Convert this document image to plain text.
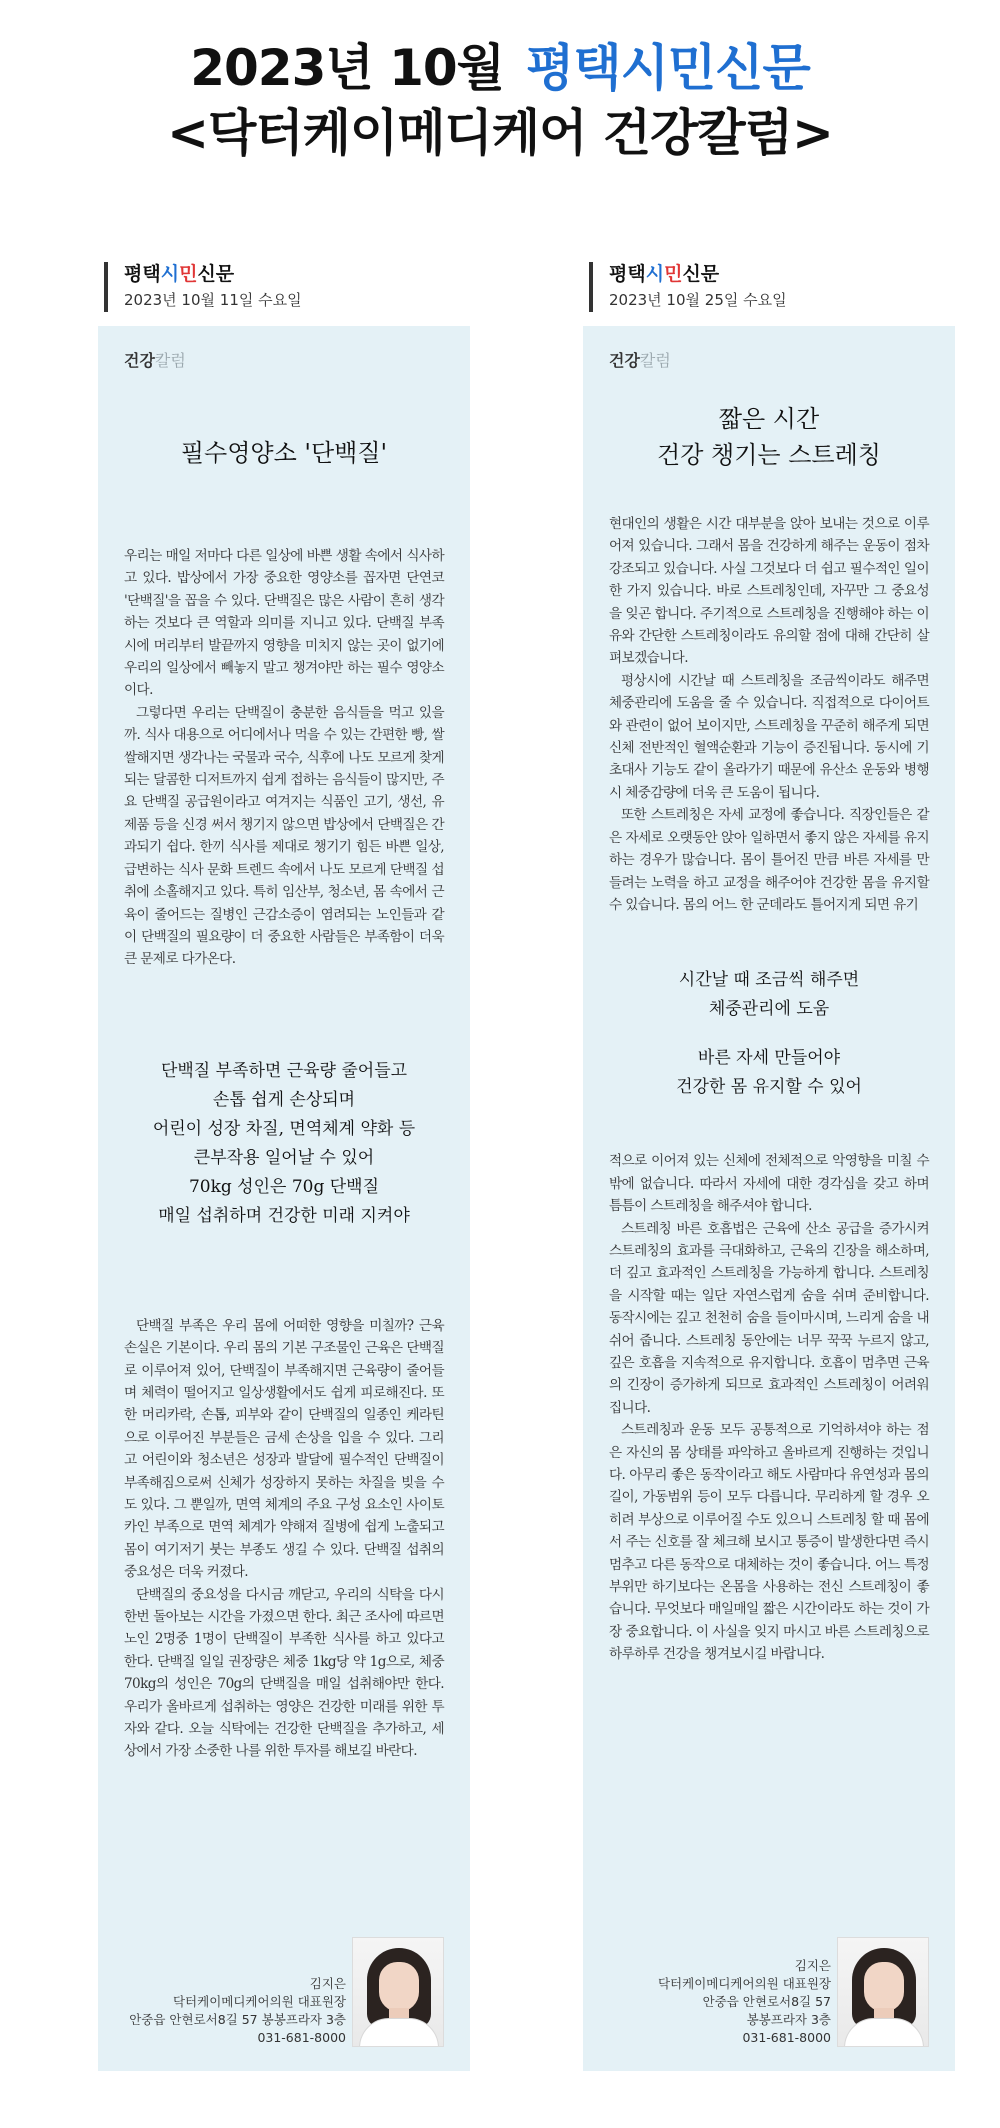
2023년 10월 평택시민신문
<닥터케이메디케어 건강칼럼>
평택시민신문
2023년 10월 11일 수요일
건강칼럼
필수영양소 '단백질'

우리는 매일 저마다 다른 일상에 바쁜 생활 속에서 식사하고 있다. 밥상에서 가장 중요한 영양소를 꼽자면 단연코 '단백질'을 꼽을 수 있다. 단백질은 많은 사람이 흔히 생각하는 것보다 큰 역할과 의미를 지니고 있다. 단백질 부족 시에 머리부터 발끝까지 영향을 미치지 않는 곳이 없기에 우리의 일상에서 빼놓지 말고 챙겨야만 하는 필수 영양소이다.

그렇다면 우리는 단백질이 충분한 음식들을 먹고 있을까. 식사 대용으로 어디에서나 먹을 수 있는 간편한 빵, 쌀쌀해지면 생각나는 국물과 국수, 식후에 나도 모르게 찾게 되는 달콤한 디저트까지 쉽게 접하는 음식들이 많지만, 주요 단백질 공급원이라고 여겨지는 식품인 고기, 생선, 유제품 등을 신경 써서 챙기지 않으면 밥상에서 단백질은 간과되기 쉽다. 한끼 식사를 제대로 챙기기 힘든 바쁜 일상, 급변하는 식사 문화 트렌드 속에서 나도 모르게 단백질 섭취에 소홀해지고 있다. 특히 임산부, 청소년, 몸 속에서 근육이 줄어드는 질병인 근감소증이 염려되는 노인들과 같이 단백질의 필요량이 더 중요한 사람들은 부족함이 더욱 큰 문제로 다가온다.

단백질 부족하면 근육량 줄어들고
손톱 쉽게 손상되며
어린이 성장 차질, 면역체계 약화 등
큰부작용 일어날 수 있어
70kg 성인은 70g 단백질
매일 섭취하며 건강한 미래 지켜야

단백질 부족은 우리 몸에 어떠한 영향을 미칠까? 근육 손실은 기본이다. 우리 몸의 기본 구조물인 근육은 단백질로 이루어져 있어, 단백질이 부족해지면 근육량이 줄어들며 체력이 떨어지고 일상생활에서도 쉽게 피로해진다. 또한 머리카락, 손톱, 피부와 같이 단백질의 일종인 케라틴으로 이루어진 부분들은 금세 손상을 입을 수 있다. 그리고 어린이와 청소년은 성장과 발달에 필수적인 단백질이 부족해짐으로써 신체가 성장하지 못하는 차질을 빚을 수도 있다. 그 뿐일까, 면역 체계의 주요 구성 요소인 사이토카인 부족으로 면역 체계가 약해져 질병에 쉽게 노출되고 몸이 여기저기 붓는 부종도 생길 수 있다. 단백질 섭취의 중요성은 더욱 커졌다.

단백질의 중요성을 다시금 깨닫고, 우리의 식탁을 다시 한번 돌아보는 시간을 가졌으면 한다. 최근 조사에 따르면 노인 2명중 1명이 단백질이 부족한 식사를 하고 있다고 한다. 단백질 일일 권장량은 체중 1kg당 약 1g으로, 체중 70kg의 성인은 70g의 단백질을 매일 섭취해야만 한다. 우리가 올바르게 섭취하는 영양은 건강한 미래를 위한 투자와 같다. 오늘 식탁에는 건강한 단백질을 추가하고, 세상에서 가장 소중한 나를 위한 투자를 해보길 바란다.

김지은
닥터케이메디케어의원 대표원장
안중읍 안현로서8길 57 봉봉프라자 3층
031-681-8000
평택시민신문
2023년 10월 25일 수요일
건강칼럼
짧은 시간
건강 챙기는 스트레칭

현대인의 생활은 시간 대부분을 앉아 보내는 것으로 이루어져 있습니다. 그래서 몸을 건강하게 해주는 운동이 점차 강조되고 있습니다. 사실 그것보다 더 쉽고 필수적인 일이 한 가지 있습니다. 바로 스트레칭인데, 자꾸만 그 중요성을 잊곤 합니다. 주기적으로 스트레칭을 진행해야 하는 이유와 간단한 스트레칭이라도 유의할 점에 대해 간단히 살펴보겠습니다.

평상시에 시간날 때 스트레칭을 조금씩이라도 해주면 체중관리에 도움을 줄 수 있습니다. 직접적으로 다이어트와 관련이 없어 보이지만, 스트레칭을 꾸준히 해주게 되면 신체 전반적인 혈액순환과 기능이 증진됩니다. 동시에 기초대사 기능도 같이 올라가기 때문에 유산소 운동와 병행 시 체중감량에 더욱 큰 도움이 됩니다.

또한 스트레칭은 자세 교정에 좋습니다. 직장인들은 같은 자세로 오랫동안 앉아 일하면서 좋지 않은 자세를 유지하는 경우가 많습니다. 몸이 틀어진 만큼 바른 자세를 만들려는 노력을 하고 교정을 해주어야 건강한 몸을 유지할 수 있습니다. 몸의 어느 한 군데라도 틀어지게 되면 유기

시간날 때 조금씩 해주면
체중관리에 도움
바른 자세 만들어야
건강한 몸 유지할 수 있어

적으로 이어져 있는 신체에 전체적으로 악영향을 미칠 수밖에 없습니다. 따라서 자세에 대한 경각심을 갖고 하며 틈틈이 스트레칭을 해주셔야 합니다.

스트레칭 바른 호흡법은 근육에 산소 공급을 증가시켜 스트레칭의 효과를 극대화하고, 근육의 긴장을 해소하며, 더 깊고 효과적인 스트레칭을 가능하게 합니다. 스트레칭을 시작할 때는 일단 자연스럽게 숨을 쉬며 준비합니다. 동작시에는 깊고 천천히 숨을 들이마시며, 느리게 숨을 내쉬어 줍니다. 스트레칭 동안에는 너무 꾹꾹 누르지 않고, 깊은 호흡을 지속적으로 유지합니다. 호흡이 멈추면 근육의 긴장이 증가하게 되므로 효과적인 스트레칭이 어려워집니다.

스트레칭과 운동 모두 공통적으로 기억하셔야 하는 점은 자신의 몸 상태를 파악하고 올바르게 진행하는 것입니다. 아무리 좋은 동작이라고 해도 사람마다 유연성과 몸의 길이, 가동범위 등이 모두 다릅니다. 무리하게 할 경우 오히려 부상으로 이루어질 수도 있으니 스트레칭 할 때 몸에서 주는 신호를 잘 체크해 보시고 통증이 발생한다면 즉시 멈추고 다른 동작으로 대체하는 것이 좋습니다. 어느 특정 부위만 하기보다는 온몸을 사용하는 전신 스트레칭이 좋습니다. 무엇보다 매일매일 짧은 시간이라도 하는 것이 가장 중요합니다. 이 사실을 잊지 마시고 바른 스트레칭으로 하루하루 건강을 챙겨보시길 바랍니다.

김지은
닥터케이메디케어의원 대표원장
안중읍 안현로서8길 57
봉봉프라자 3층
031-681-8000
